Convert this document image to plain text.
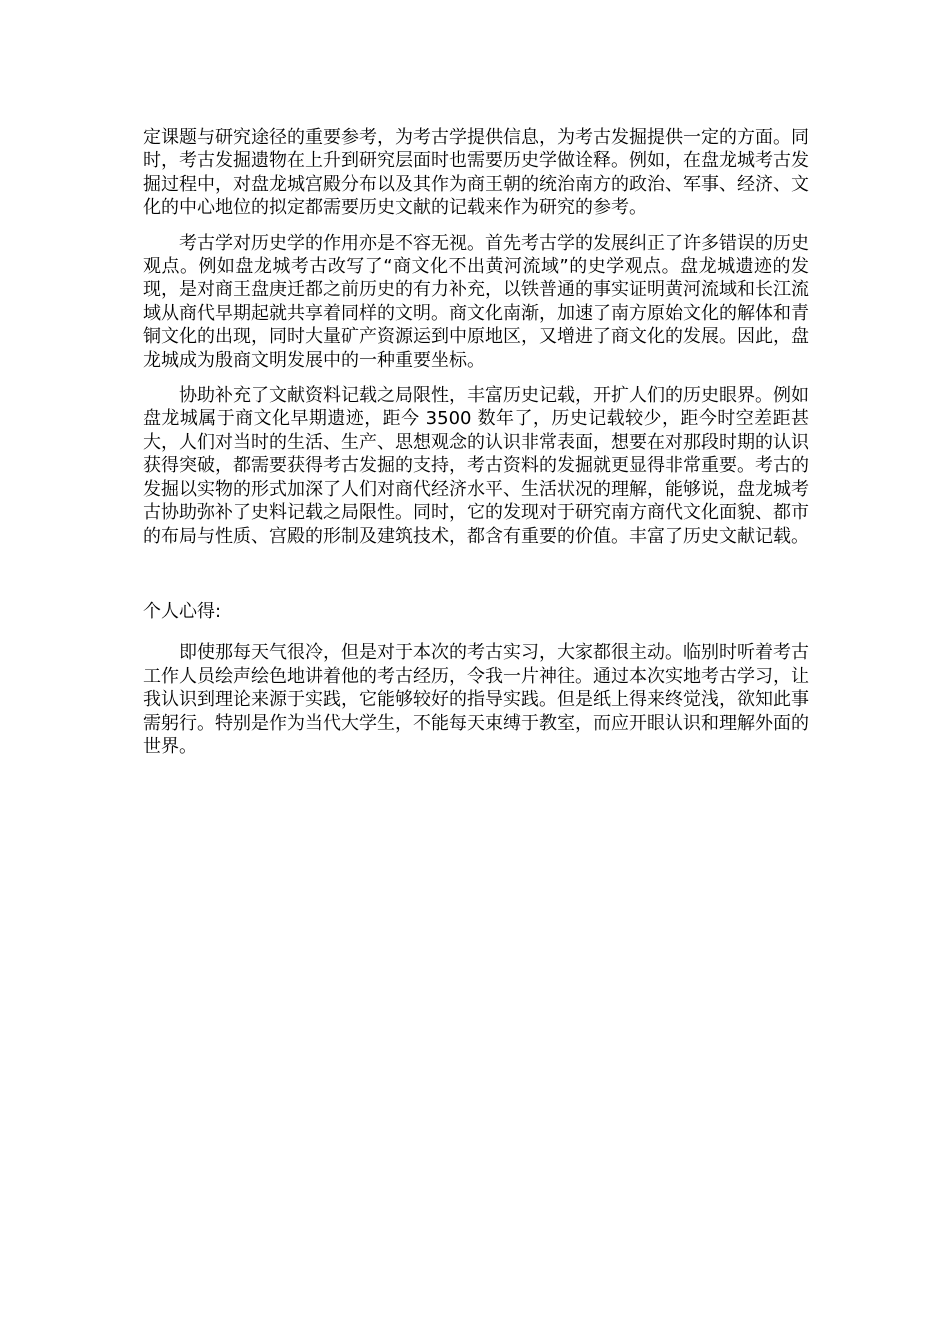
定课题与研究途径的重要参考，为考古学提供信息，为考古发掘提供一定的方面。同时，考古发掘遗物在上升到研究层面时也需要历史学做诠释。例如，在盘龙城考古发掘过程中，对盘龙城宫殿分布以及其作为商王朝的统治南方的政治、军事、经济、文化的中心地位的拟定都需要历史文献的记载来作为研究的参考。

考古学对历史学的作用亦是不容无视。首先考古学的发展纠正了许多错误的历史观点。例如盘龙城考古改写了“商文化不出黄河流域”的史学观点。盘龙城遗迹的发现，是对商王盘庚迁都之前历史的有力补充，以铁普通的事实证明黄河流域和长江流域从商代早期起就共享着同样的文明。商文化南渐，加速了南方原始文化的解体和青铜文化的出现，同时大量矿产资源运到中原地区，又增进了商文化的发展。因此，盘龙城成为殷商文明发展中的一种重要坐标。

协助补充了文献资料记载之局限性，丰富历史记载，开扩人们的历史眼界。例如盘龙城属于商文化早期遗迹，距今 3500 数年了，历史记载较少，距今时空差距甚大，人们对当时的生活、生产、思想观念的认识非常表面，想要在对那段时期的认识获得突破，都需要获得考古发掘的支持，考古资料的发掘就更显得非常重要。考古的发掘以实物的形式加深了人们对商代经济水平、生活状况的理解，能够说，盘龙城考古协助弥补了史料记载之局限性。同时，它的发现对于研究南方商代文化面貌、都市的布局与性质、宫殿的形制及建筑技术，都含有重要的价值。丰富了历史文献记载。

个人心得:

即使那每天气很冷，但是对于本次的考古实习，大家都很主动。临别时听着考古工作人员绘声绘色地讲着他的考古经历，令我一片神往。通过本次实地考古学习，让我认识到理论来源于实践，它能够较好的指导实践。但是纸上得来终觉浅，欲知此事需躬行。特别是作为当代大学生，不能每天束缚于教室，而应开眼认识和理解外面的世界。
